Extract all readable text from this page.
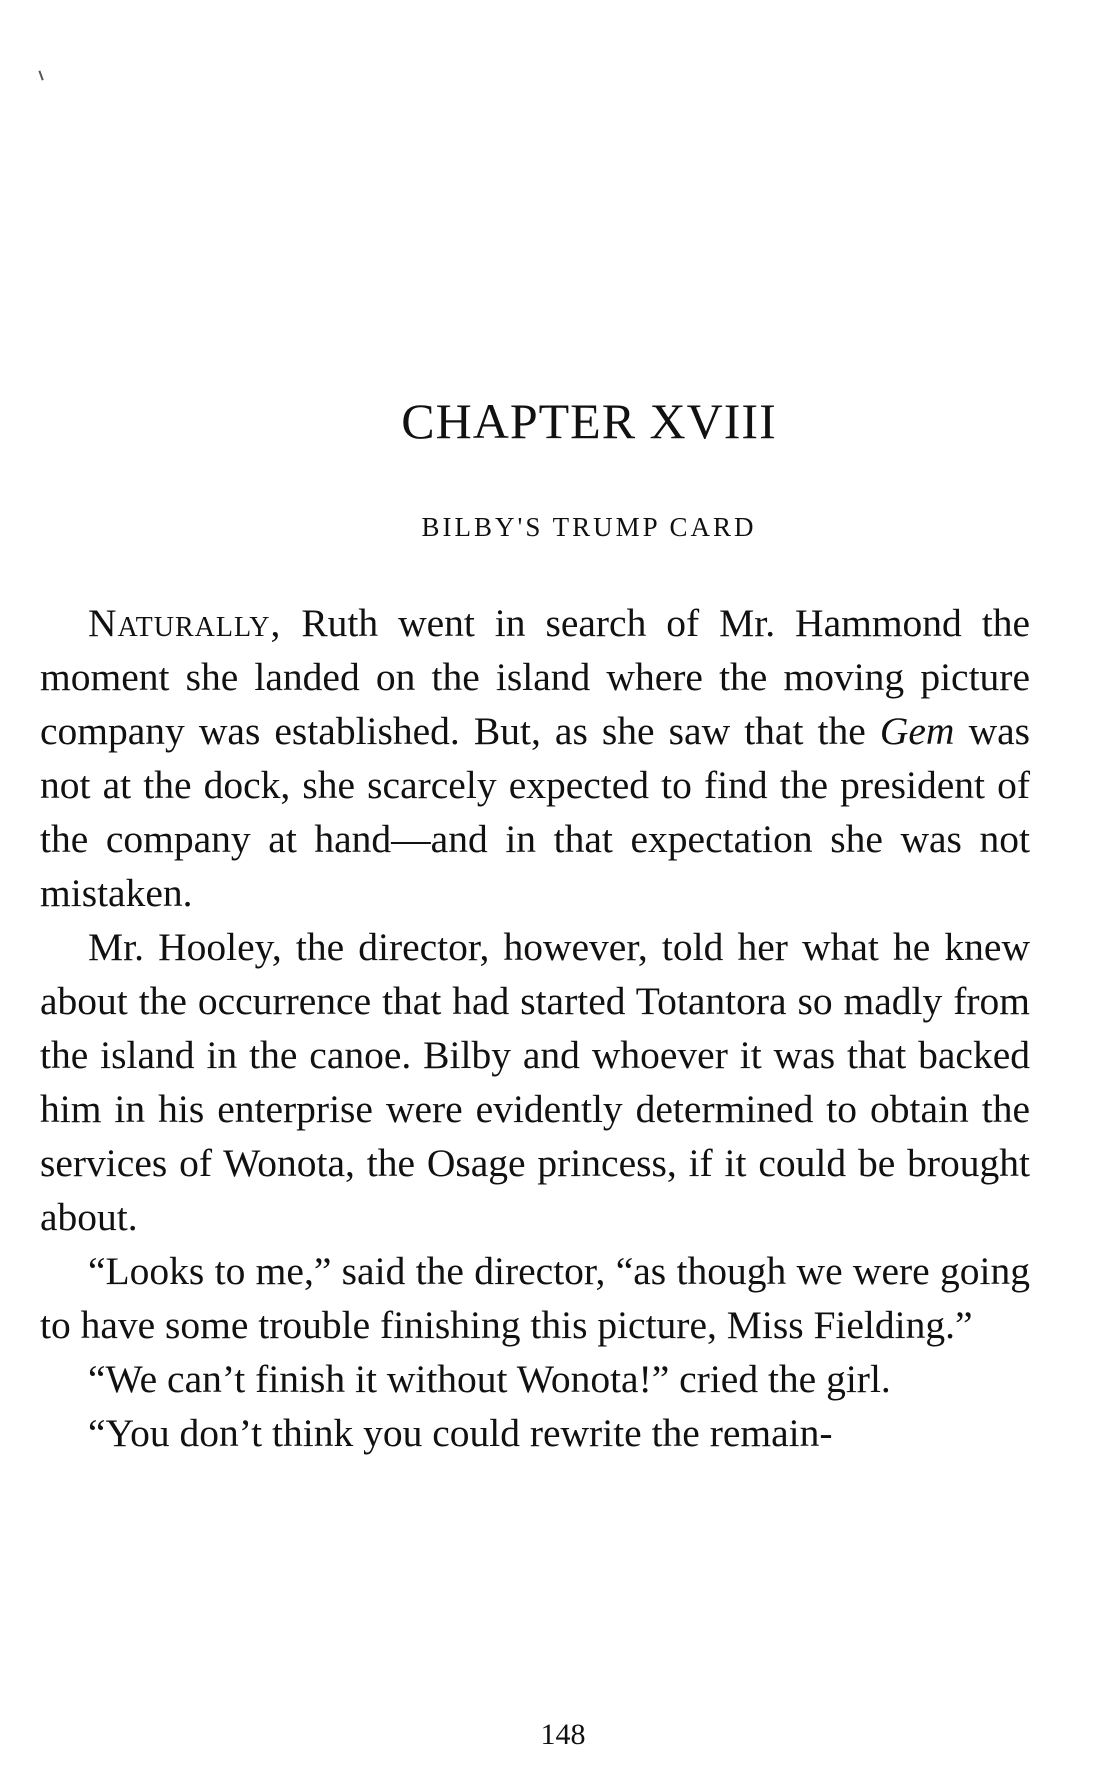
CHAPTER XVIII
BILBY'S TRUMP CARD

Naturally, Ruth went in search of Mr. Hammond the moment she landed on the island where the moving picture company was established. But, as she saw that the Gem was not at the dock, she scarcely expected to find the president of the company at hand—and in that expectation she was not mistaken.

Mr. Hooley, the director, however, told her what he knew about the occurrence that had started Totantora so madly from the island in the canoe. Bilby and whoever it was that backed him in his enterprise were evidently determined to obtain the services of Wonota, the Osage princess, if it could be brought about.

“Looks to me,” said the director, “as though we were going to have some trouble finishing this picture, Miss Fielding.”

“We can’t finish it without Wonota!” cried the girl.

“You don’t think you could rewrite the remain-

148
